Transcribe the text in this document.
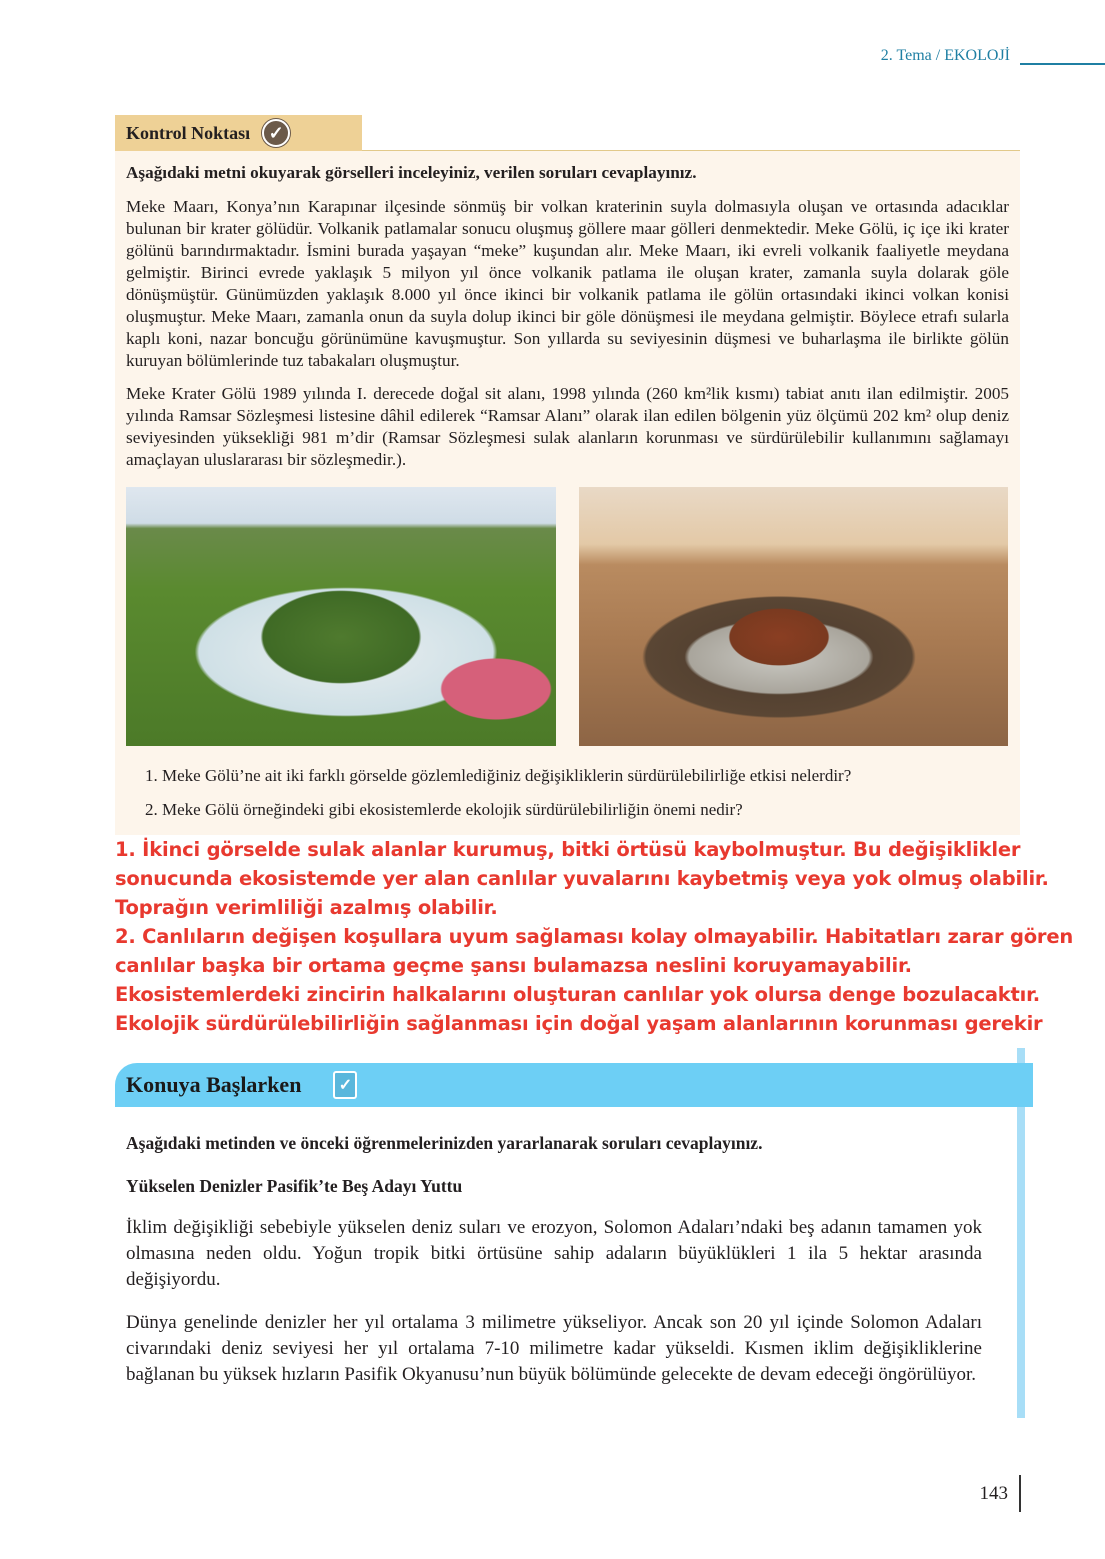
2. Tema / EKOLOJİ
Kontrol Noktası	✓
Aşağıdaki metni okuyarak görselleri inceleyiniz, verilen soruları cevaplayınız.
Meke Maarı, Konya’nın Karapınar ilçesinde sönmüş bir volkan kraterinin suyla dolmasıyla oluşan ve ortasında adacıklar bulunan bir krater gölüdür. Volkanik patlamalar sonucu oluşmuş göllere maar gölleri denmektedir. Meke Gölü, iç içe iki krater gölünü barındırmaktadır. İsmini burada yaşayan “meke” kuşundan alır. Meke Maarı, iki evreli volkanik faaliyetle meydana gelmiştir. Birinci evrede yaklaşık 5 milyon yıl önce volkanik patlama ile oluşan krater, zamanla suyla dolarak göle dönüşmüştür. Günümüzden yaklaşık 8.000 yıl önce ikinci bir volkanik patlama ile gölün ortasındaki ikinci volkan konisi oluşmuştur. Meke Maarı, zamanla onun da suyla dolup ikinci bir göle dönüşmesi ile meydana gelmiştir. Böylece etrafı sularla kaplı koni, nazar boncuğu görünümüne kavuşmuştur. Son yıllarda su seviyesinin düşmesi ve buharlaşma ile birlikte gölün kuruyan bölümlerinde tuz tabakaları oluşmuştur.
Meke Krater Gölü 1989 yılında I. derecede doğal sit alanı, 1998 yılında (260 km²lik kısmı) tabiat anıtı ilan edilmiştir. 2005 yılında Ramsar Sözleşmesi listesine dâhil edilerek “Ramsar Alanı” olarak ilan edilen bölgenin yüz ölçümü 202 km² olup deniz seviyesinden yüksekliği 981 m’dir (Ramsar Sözleşmesi sulak alanların korunması ve sürdürülebilir kullanımını sağlamayı amaçlayan uluslararası bir sözleşmedir.).
1. Meke Gölü’ne ait iki farklı görselde gözlemlediğiniz değişikliklerin sürdürülebilirliğe etkisi nelerdir?
2. Meke Gölü örneğindeki gibi ekosistemlerde ekolojik sürdürülebilirliğin önemi nedir?
1. İkinci görselde sulak alanlar kurumuş, bitki örtüsü kaybolmuştur. Bu değişiklikler
sonucunda ekosistemde yer alan canlılar yuvalarını kaybetmiş veya yok olmuş olabilir.
Toprağın verimliliği azalmış olabilir.
2. Canlıların değişen koşullara uyum sağlaması kolay olmayabilir. Habitatları zarar gören
canlılar başka bir ortama geçme şansı bulamazsa neslini koruyamayabilir.
Ekosistemlerdeki zincirin halkalarını oluşturan canlılar yok olursa denge bozulacaktır.
Ekolojik sürdürülebilirliğin sağlanması için doğal yaşam alanlarının korunması gerekir
Konuya Başlarken	✓
Aşağıdaki metinden ve önceki öğrenmelerinizden yararlanarak soruları cevaplayınız.
Yükselen Denizler Pasifik’te Beş Adayı Yuttu
İklim değişikliği sebebiyle yükselen deniz suları ve erozyon, Solomon Adaları’ndaki beş adanın tamamen yok olmasına neden oldu. Yoğun tropik bitki örtüsüne sahip adaların büyüklükleri 1 ila 5 hektar arasında değişiyordu.
Dünya genelinde denizler her yıl ortalama 3 milimetre yükseliyor. Ancak son 20 yıl içinde Solomon Adaları civarındaki deniz seviyesi her yıl ortalama 7-10 milimetre kadar yükseldi. Kısmen iklim değişikliklerine bağlanan bu yüksek hızların Pasifik Okyanusu’nun büyük bölümünde gelecekte de devam edeceği öngörülüyor.
143
